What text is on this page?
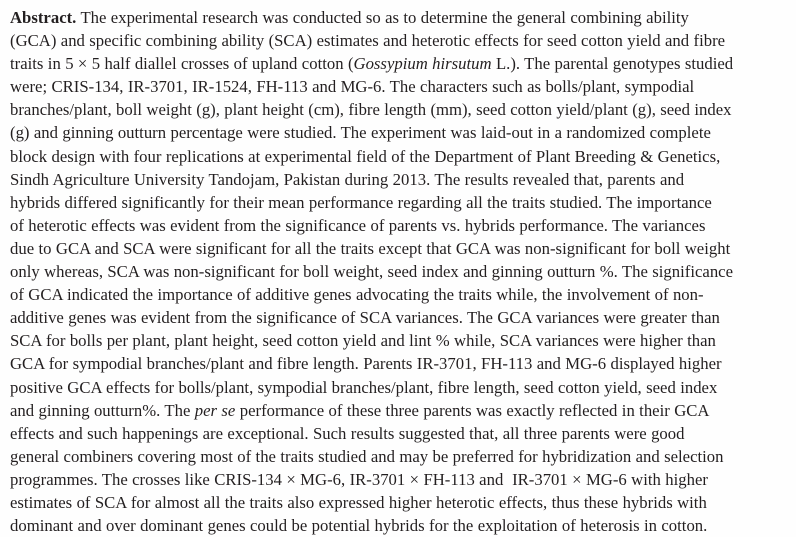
Abstract. The experimental research was conducted so as to determine the general combining ability
(GCA) and specific combining ability (SCA) estimates and heterotic effects for seed cotton yield and fibre
traits in 5 × 5 half diallel crosses of upland cotton (Gossypium hirsutum L.). The parental genotypes studied
were; CRIS-134, IR-3701, IR-1524, FH-113 and MG-6. The characters such as bolls/plant, sympodial
branches/plant, boll weight (g), plant height (cm), fibre length (mm), seed cotton yield/plant (g), seed index
(g) and ginning outturn percentage were studied. The experiment was laid-out in a randomized complete
block design with four replications at experimental field of the Department of Plant Breeding & Genetics,
Sindh Agriculture University Tandojam, Pakistan during 2013. The results revealed that, parents and
hybrids differed significantly for their mean performance regarding all the traits studied. The importance
of heterotic effects was evident from the significance of parents vs. hybrids performance. The variances
due to GCA and SCA were significant for all the traits except that GCA was non-significant for boll weight
only whereas, SCA was non-significant for boll weight, seed index and ginning outturn %. The significance
of GCA indicated the importance of additive genes advocating the traits while, the involvement of non-
additive genes was evident from the significance of SCA variances. The GCA variances were greater than
SCA for bolls per plant, plant height, seed cotton yield and lint % while, SCA variances were higher than
GCA for sympodial branches/plant and fibre length. Parents IR-3701, FH-113 and MG-6 displayed higher
positive GCA effects for bolls/plant, sympodial branches/plant, fibre length, seed cotton yield, seed index
and ginning outturn%. The per se performance of these three parents was exactly reflected in their GCA
effects and such happenings are exceptional. Such results suggested that, all three parents were good
general combiners covering most of the traits studied and may be preferred for hybridization and selection
programmes. The crosses like CRIS-134 × MG-6, IR-3701 × FH-113 and  IR-3701 × MG-6 with higher
estimates of SCA for almost all the traits also expressed higher heterotic effects, thus these hybrids with
dominant and over dominant genes could be potential hybrids for the exploitation of heterosis in cotton.
